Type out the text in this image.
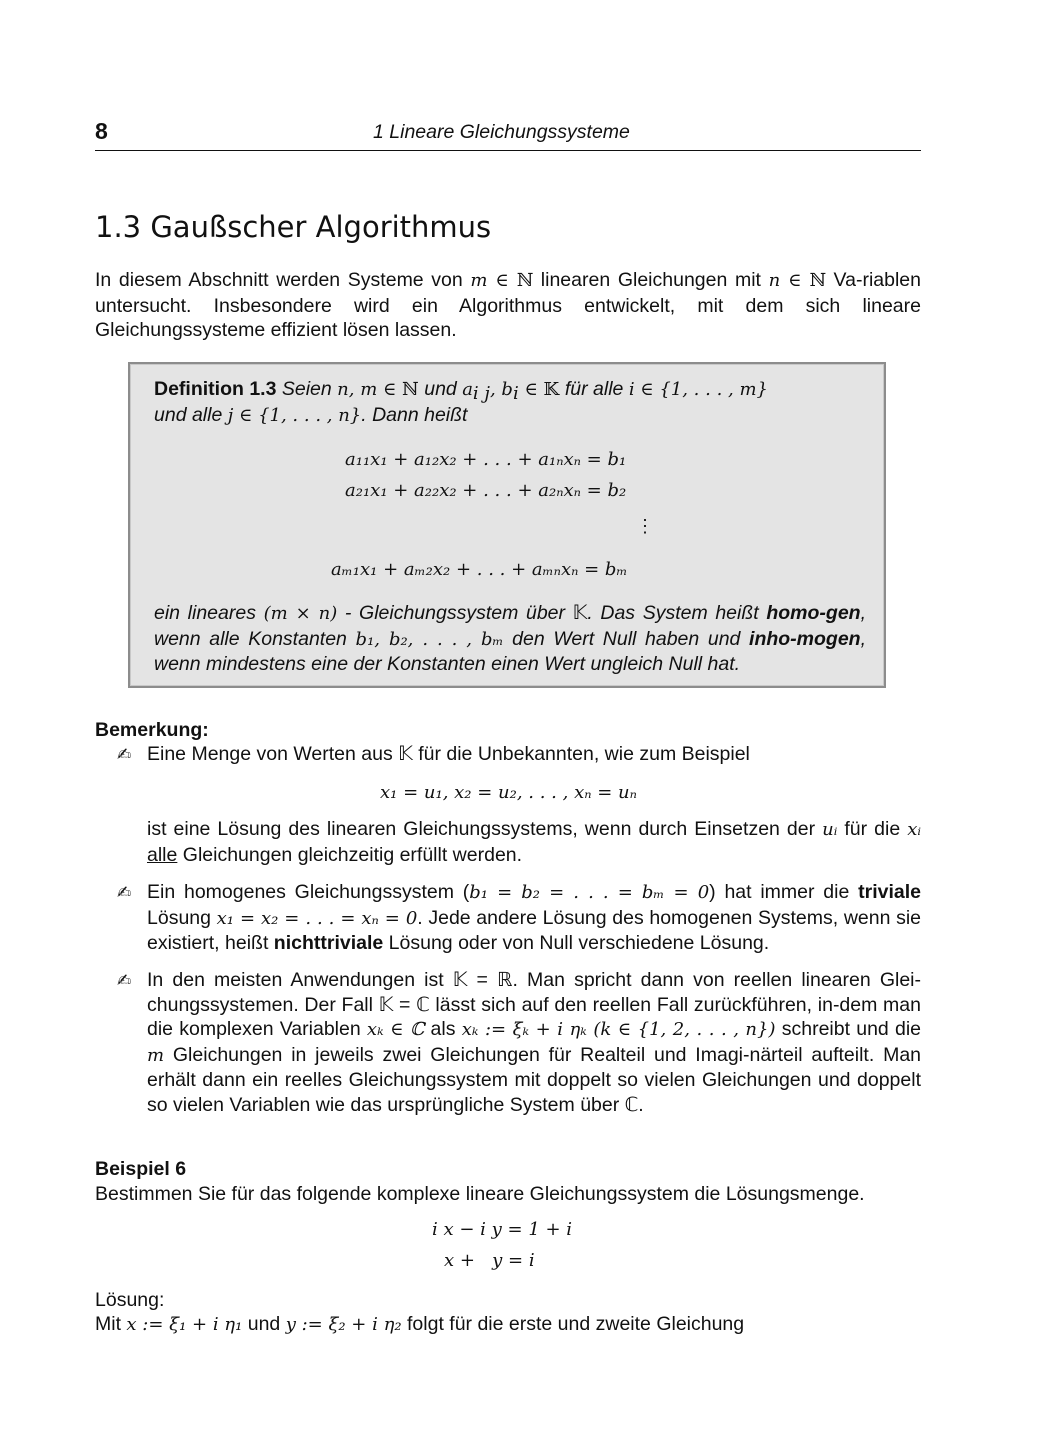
8	1 Lineare Gleichungssysteme
1.3 Gaußscher Algorithmus
In diesem Abschnitt werden Systeme von m ∈ ℕ linearen Gleichungen mit n ∈ ℕ Va-riablen untersucht. Insbesondere wird ein Algorithmus entwickelt, mit dem sich lineare Gleichungssysteme effizient lösen lassen.
Definition 1.3 Seien n, m ∈ ℕ und $a_{i j}$, $b_i$ ∈ 𝕂 für alle i ∈ {1, . . . , m}
und alle j ∈ {1, . . . , n}. Dann heißt
a₁₁x₁ + a₁₂x₂ + . . . + a₁ₙxₙ = b₁
a₂₁x₁ + a₂₂x₂ + . . . + a₂ₙxₙ = b₂
⋮
aₘ₁x₁ + aₘ₂x₂ + . . . + aₘₙxₙ = bₘ
ein lineares (m × n) - Gleichungssystem über 𝕂. Das System heißt homo-gen, wenn alle Konstanten b₁, b₂, . . . , bₘ den Wert Null haben und inho-mogen, wenn mindestens eine der Konstanten einen Wert ungleich Null hat.
Bemerkung:
✍ Eine Menge von Werten aus 𝕂 für die Unbekannten, wie zum Beispiel
x₁ = u₁, x₂ = u₂, . . . , xₙ = uₙ
ist eine Lösung des linearen Gleichungssystems, wenn durch Einsetzen der uᵢ für die xᵢ alle Gleichungen gleichzeitig erfüllt werden.
✍ Ein homogenes Gleichungssystem (b₁ = b₂ = . . . = bₘ = 0) hat immer die triviale Lösung x₁ = x₂ = . . . = xₙ = 0. Jede andere Lösung des homogenen Systems, wenn sie existiert, heißt nichttriviale Lösung oder von Null verschiedene Lösung.
✍ In den meisten Anwendungen ist 𝕂 = ℝ. Man spricht dann von reellen linearen Glei-chungssystemen. Der Fall 𝕂 = ℂ lässt sich auf den reellen Fall zurückführen, in-dem man die komplexen Variablen xₖ ∈ ℂ als xₖ := ξₖ + i ηₖ (k ∈ {1, 2, . . . , n}) schreibt und die m Gleichungen in jeweils zwei Gleichungen für Realteil und Imagi-närteil aufteilt. Man erhält dann ein reelles Gleichungssystem mit doppelt so vielen Gleichungen und doppelt so vielen Variablen wie das ursprüngliche System über ℂ.
Beispiel 6
Bestimmen Sie für das folgende komplexe lineare Gleichungssystem die Lösungsmenge.
i x − i y = 1 + i
x +   y = i
Lösung:
Mit x := ξ₁ + i η₁ und y := ξ₂ + i η₂ folgt für die erste und zweite Gleichung
